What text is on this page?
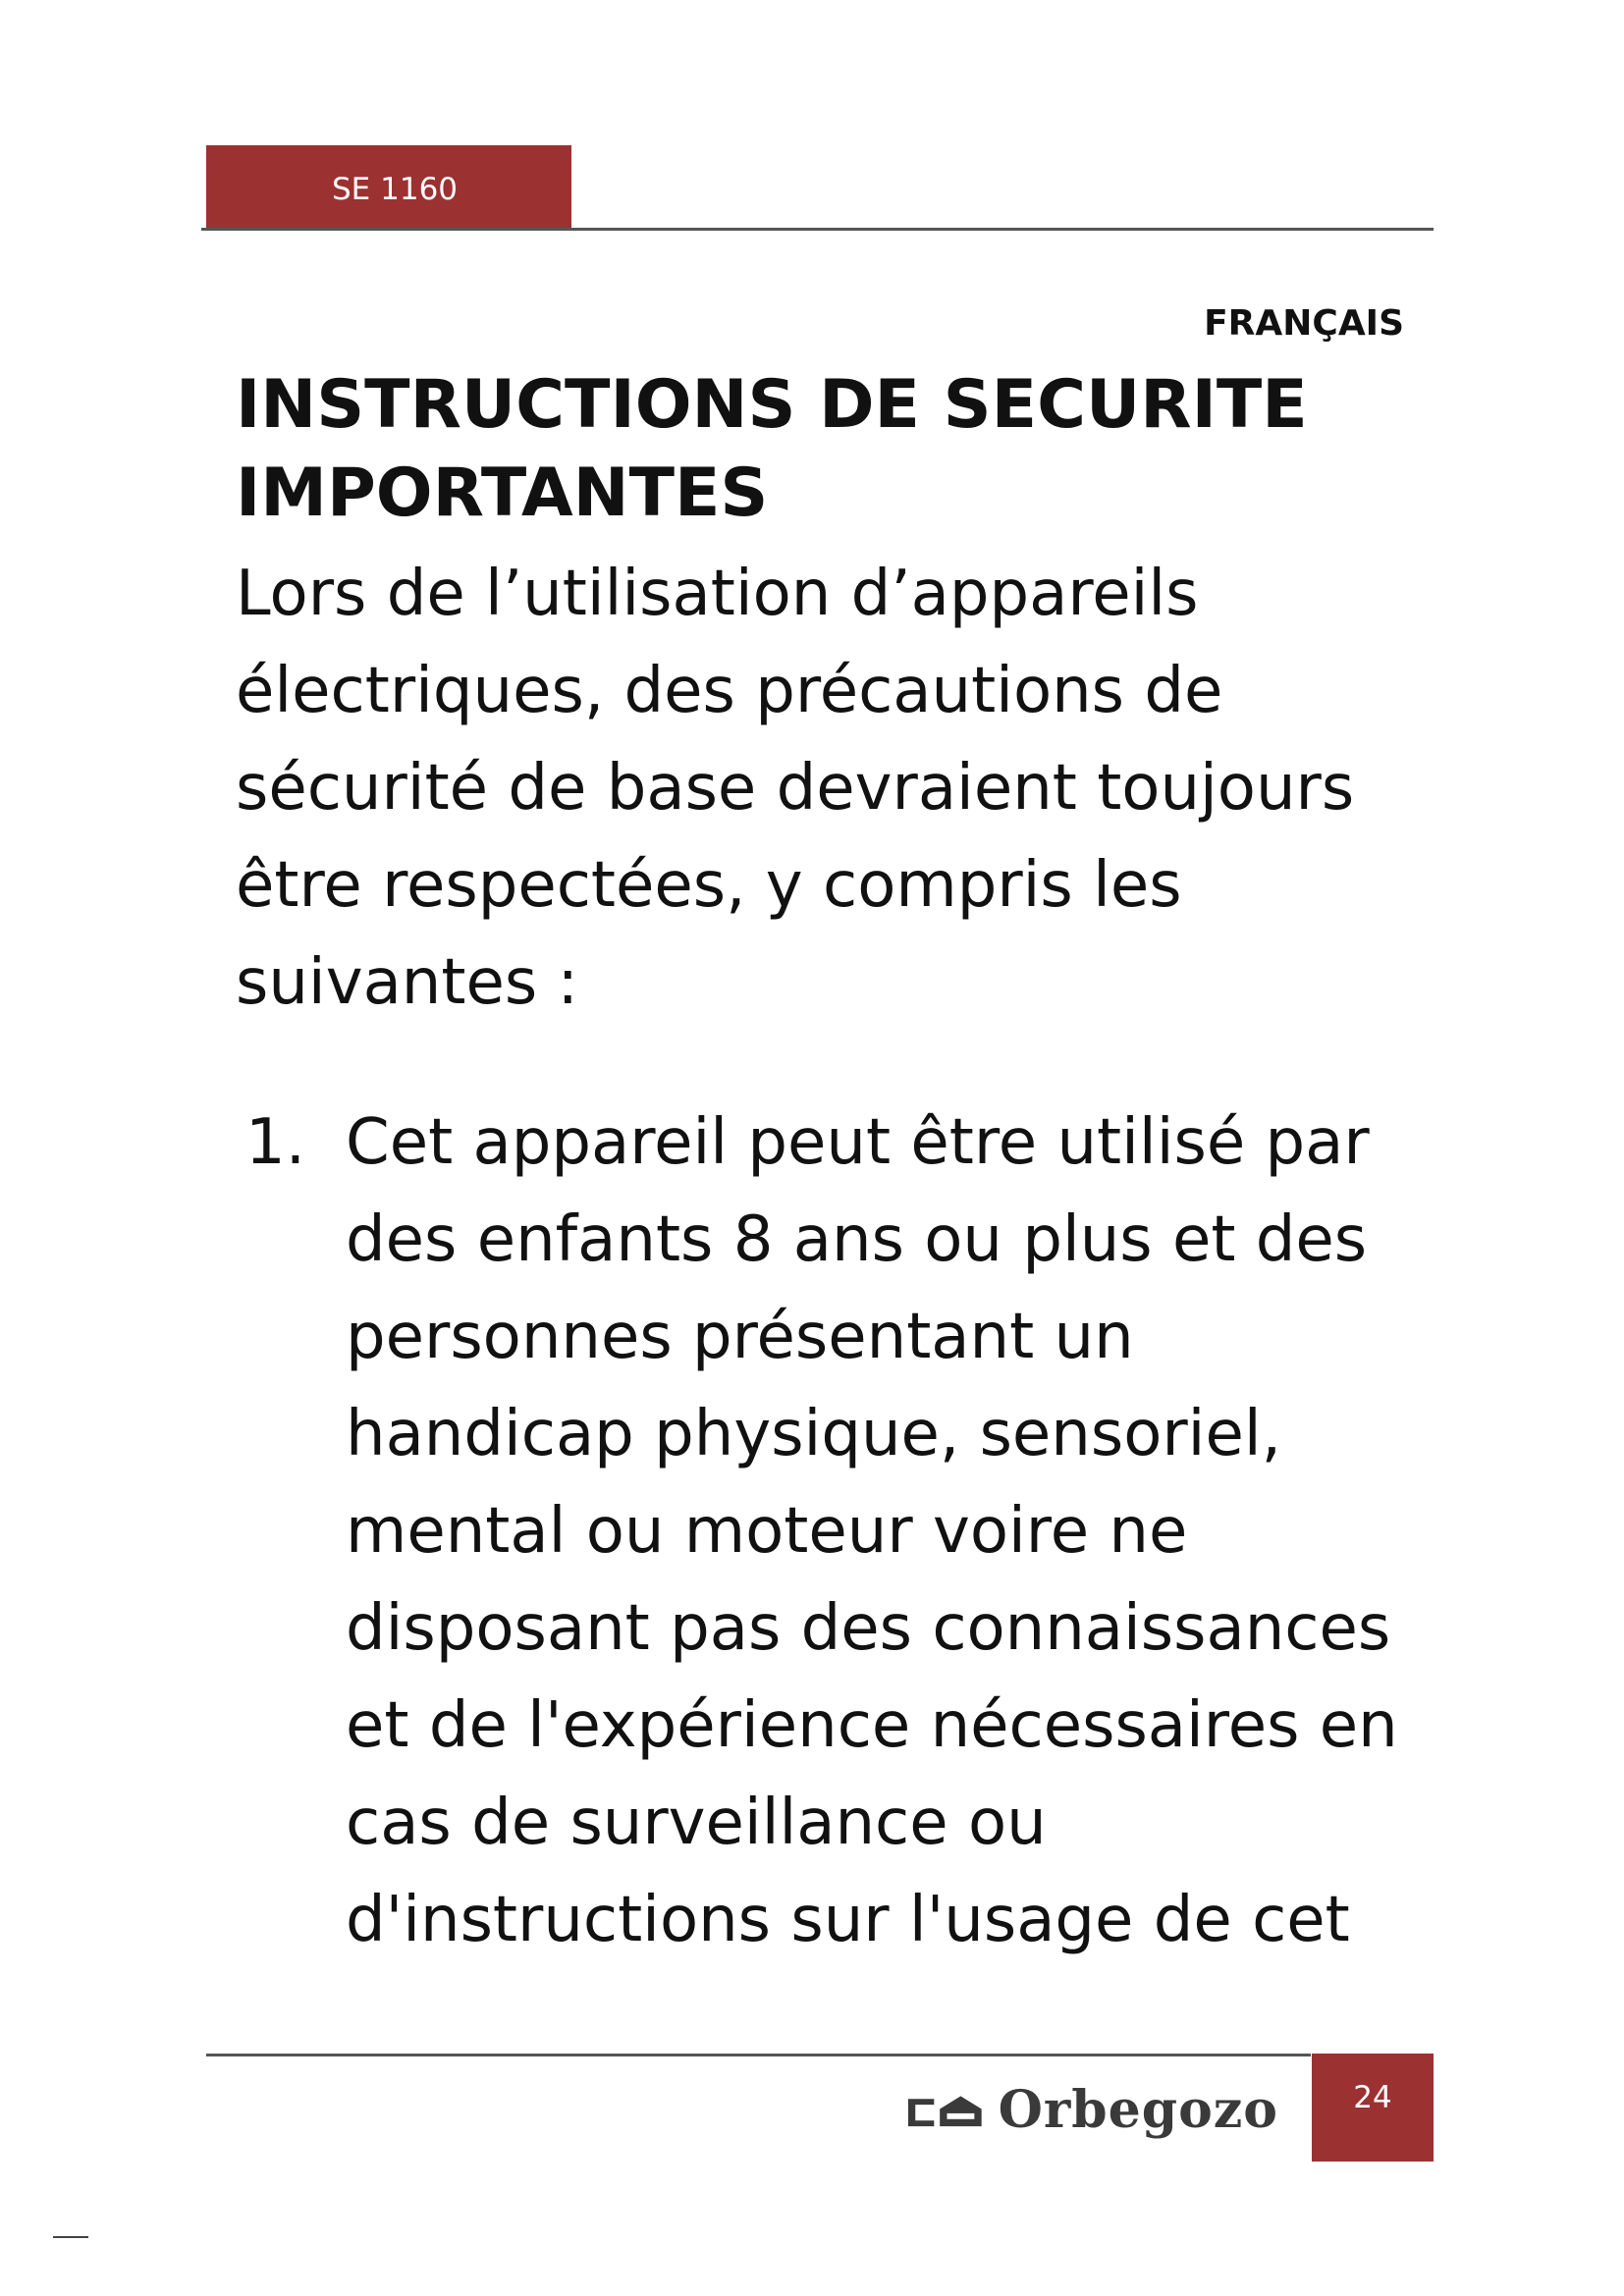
SE 1160
FRANÇAIS
INSTRUCTIONS DE SECURITE IMPORTANTES

Lors de l’utilisation d’appareils électriques, des précautions de sécurité de base devraient toujours être respectées, y compris les suivantes :

1. Cet appareil peut être utilisé par des enfants 8 ans ou plus et des personnes présentant un handicap physique, sensoriel, mental ou moteur voire ne disposant pas des connaissances et de l'expérience nécessaires en cas de surveillance ou d'instructions sur l'usage de cet
Orbegozo	24
